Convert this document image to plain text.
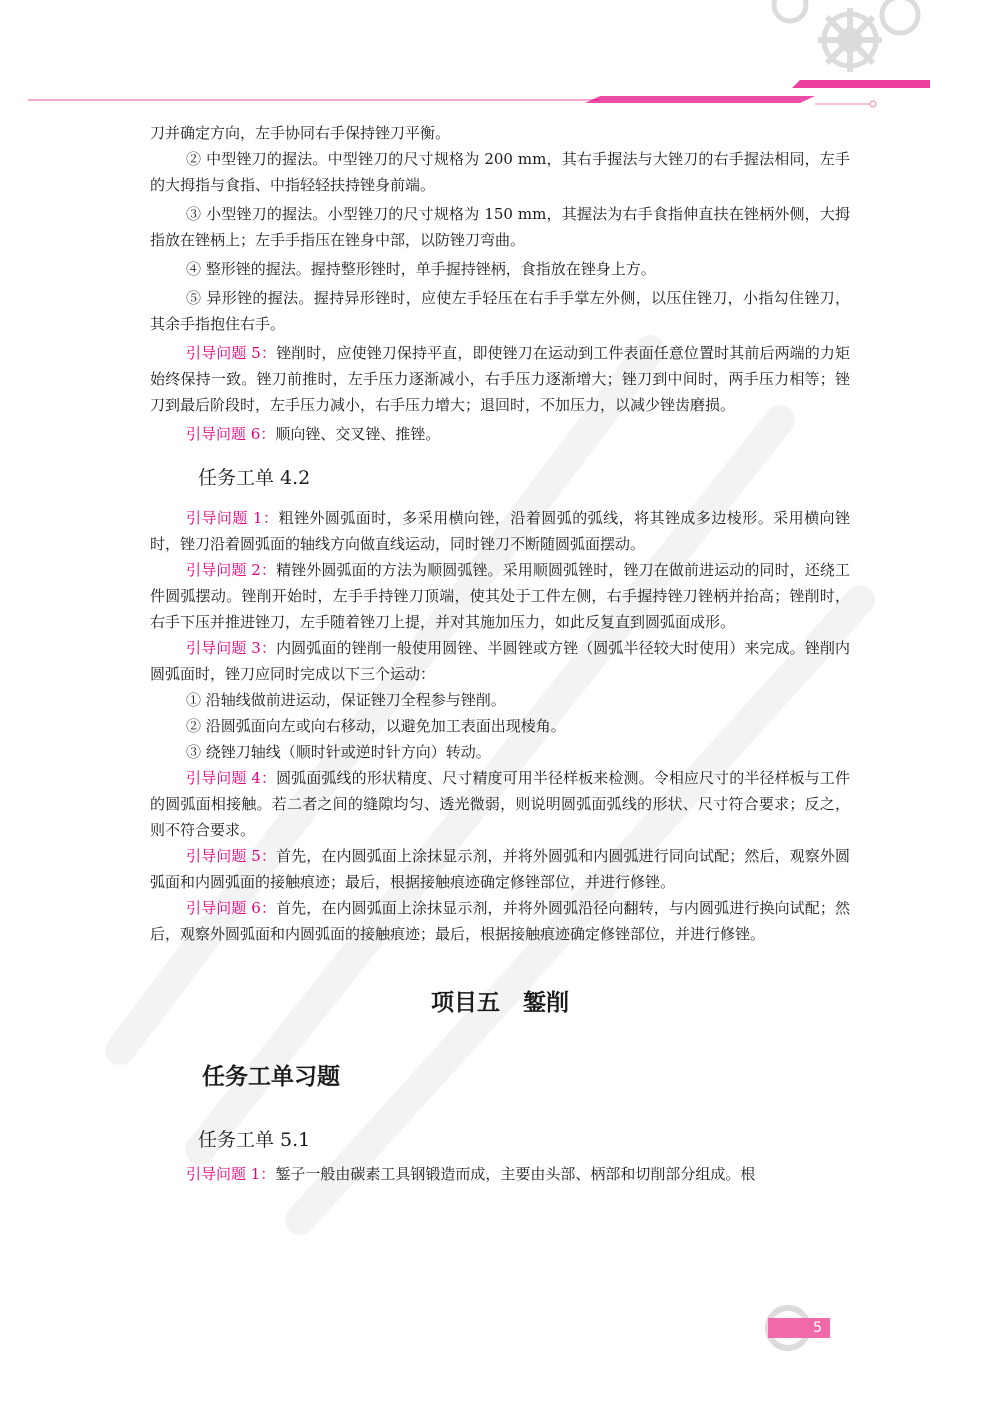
刀并确定方向，左手协同右手保持锉刀平衡。

② 中型锉刀的握法。中型锉刀的尺寸规格为 200 mm，其右手握法与大锉刀的右手握法相同，左手的大拇指与食指、中指轻轻扶持锉身前端。

③ 小型锉刀的握法。小型锉刀的尺寸规格为 150 mm，其握法为右手食指伸直扶在锉柄外侧，大拇指放在锉柄上；左手手指压在锉身中部，以防锉刀弯曲。

④ 整形锉的握法。握持整形锉时，单手握持锉柄，食指放在锉身上方。

⑤ 异形锉的握法。握持异形锉时，应使左手轻压在右手手掌左外侧，以压住锉刀，小指勾住锉刀，其余手指抱住右手。

引导问题 5：锉削时，应使锉刀保持平直，即使锉刀在运动到工件表面任意位置时其前后两端的力矩始终保持一致。锉刀前推时，左手压力逐渐减小，右手压力逐渐增大；锉刀到中间时，两手压力相等；锉刀到最后阶段时，左手压力减小，右手压力增大；退回时，不加压力，以减少锉齿磨损。

引导问题 6：顺向锉、交叉锉、推锉。

任务工单 4.2

引导问题 1：粗锉外圆弧面时，多采用横向锉，沿着圆弧的弧线，将其锉成多边棱形。采用横向锉时，锉刀沿着圆弧面的轴线方向做直线运动，同时锉刀不断随圆弧面摆动。

引导问题 2：精锉外圆弧面的方法为顺圆弧锉。采用顺圆弧锉时，锉刀在做前进运动的同时，还绕工件圆弧摆动。锉削开始时，左手手持锉刀顶端，使其处于工件左侧，右手握持锉刀锉柄并抬高；锉削时，右手下压并推进锉刀，左手随着锉刀上提，并对其施加压力，如此反复直到圆弧面成形。

引导问题 3：内圆弧面的锉削一般使用圆锉、半圆锉或方锉（圆弧半径较大时使用）来完成。锉削内圆弧面时，锉刀应同时完成以下三个运动：

① 沿轴线做前进运动，保证锉刀全程参与锉削。

② 沿圆弧面向左或向右移动，以避免加工表面出现棱角。

③ 绕锉刀轴线（顺时针或逆时针方向）转动。

引导问题 4：圆弧面弧线的形状精度、尺寸精度可用半径样板来检测。令相应尺寸的半径样板与工件的圆弧面相接触。若二者之间的缝隙均匀、透光微弱，则说明圆弧面弧线的形状、尺寸符合要求；反之，则不符合要求。

引导问题 5：首先，在内圆弧面上涂抹显示剂，并将外圆弧和内圆弧进行同向试配；然后，观察外圆弧面和内圆弧面的接触痕迹；最后，根据接触痕迹确定修锉部位，并进行修锉。

引导问题 6：首先，在内圆弧面上涂抹显示剂，并将外圆弧沿径向翻转，与内圆弧进行换向试配；然后，观察外圆弧面和内圆弧面的接触痕迹；最后，根据接触痕迹确定修锉部位，并进行修锉。

项目五　錾削
任务工单习题
任务工单 5.1

引导问题 1：錾子一般由碳素工具钢锻造而成，主要由头部、柄部和切削部分组成。根

5
